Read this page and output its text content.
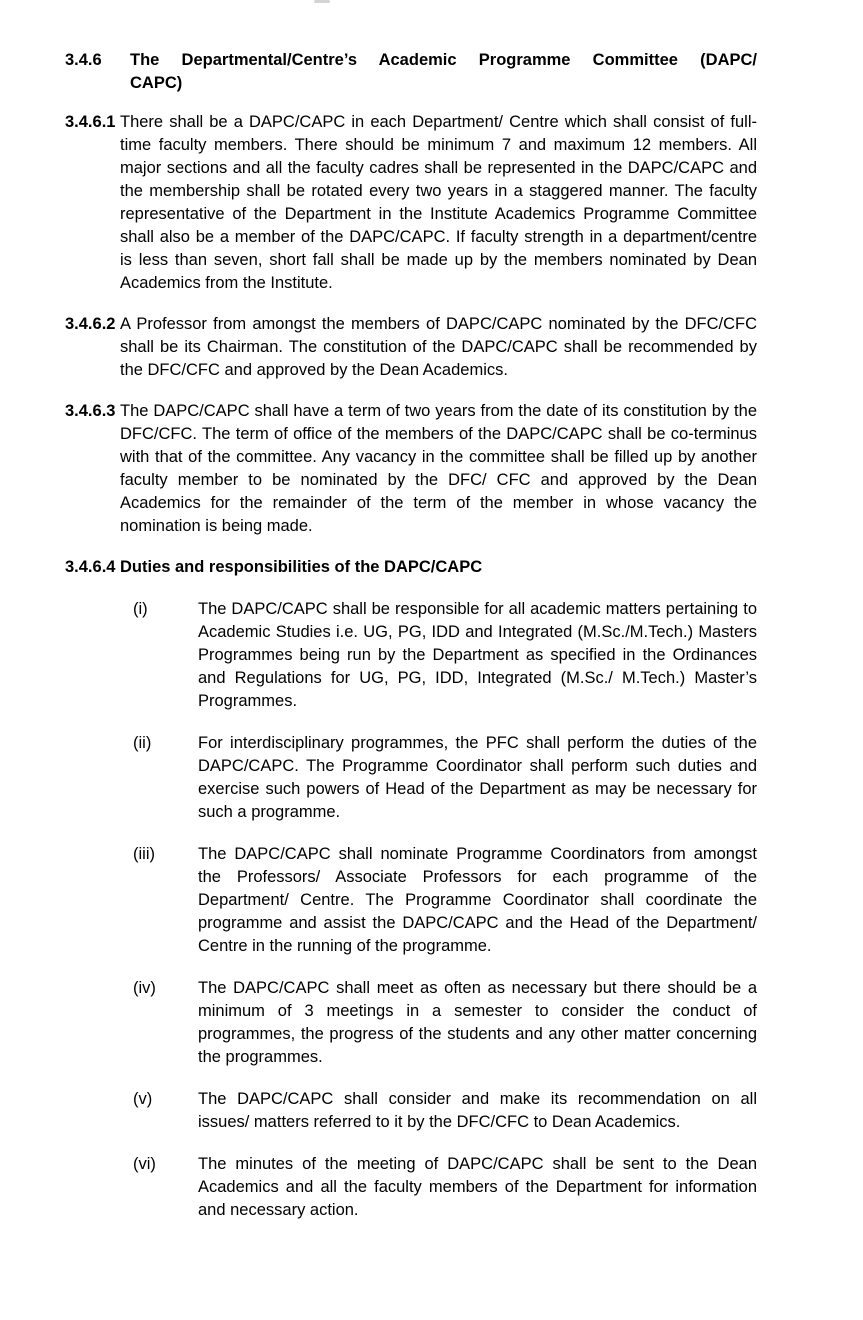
3.4.6 The Departmental/Centre’s Academic Programme Committee (DAPC/
CAPC)
3.4.6.1 There shall be a DAPC/CAPC in each Department/ Centre which shall consist of full-time faculty members. There should be minimum 7 and maximum 12 members. All major sections and all the faculty cadres shall be represented in the DAPC/CAPC and the membership shall be rotated every two years in a staggered manner. The faculty representative of the Department in the Institute Academics Programme Committee shall also be a member of the DAPC/CAPC. If faculty strength in a department/centre is less than seven, short fall shall be made up by the members nominated by Dean Academics from the Institute.
3.4.6.2 A Professor from amongst the members of DAPC/CAPC nominated by the DFC/CFC shall be its Chairman. The constitution of the DAPC/CAPC shall be recommended by the DFC/CFC and approved by the Dean Academics.
3.4.6.3 The DAPC/CAPC shall have a term of two years from the date of its constitution by the DFC/CFC. The term of office of the members of the DAPC/CAPC shall be co-terminus with that of the committee. Any vacancy in the committee shall be filled up by another faculty member to be nominated by the DFC/ CFC and approved by the Dean Academics for the remainder of the term of the member in whose vacancy the nomination is being made.
3.4.6.4 Duties and responsibilities of the DAPC/CAPC
(i)	The DAPC/CAPC shall be responsible for all academic matters pertaining to Academic Studies i.e. UG, PG, IDD and Integrated (M.Sc./M.Tech.) Masters Programmes being run by the Department as specified in the Ordinances and Regulations for UG, PG, IDD, Integrated (M.Sc./ M.Tech.) Master’s Programmes.
(ii)	For interdisciplinary programmes, the PFC shall perform the duties of the DAPC/CAPC. The Programme Coordinator shall perform such duties and exercise such powers of Head of the Department as may be necessary for such a programme.
(iii)	The DAPC/CAPC shall nominate Programme Coordinators from amongst the Professors/ Associate Professors for each programme of the Department/ Centre. The Programme Coordinator shall coordinate the programme and assist the DAPC/CAPC and the Head of the Department/ Centre in the running of the programme.
(iv)	The DAPC/CAPC shall meet as often as necessary but there should be a minimum of 3 meetings in a semester to consider the conduct of programmes, the progress of the students and any other matter concerning the programmes.
(v)	The DAPC/CAPC shall consider and make its recommendation on all issues/ matters referred to it by the DFC/CFC to Dean Academics.
(vi)	The minutes of the meeting of DAPC/CAPC shall be sent to the Dean Academics and all the faculty members of the Department for information and necessary action.
